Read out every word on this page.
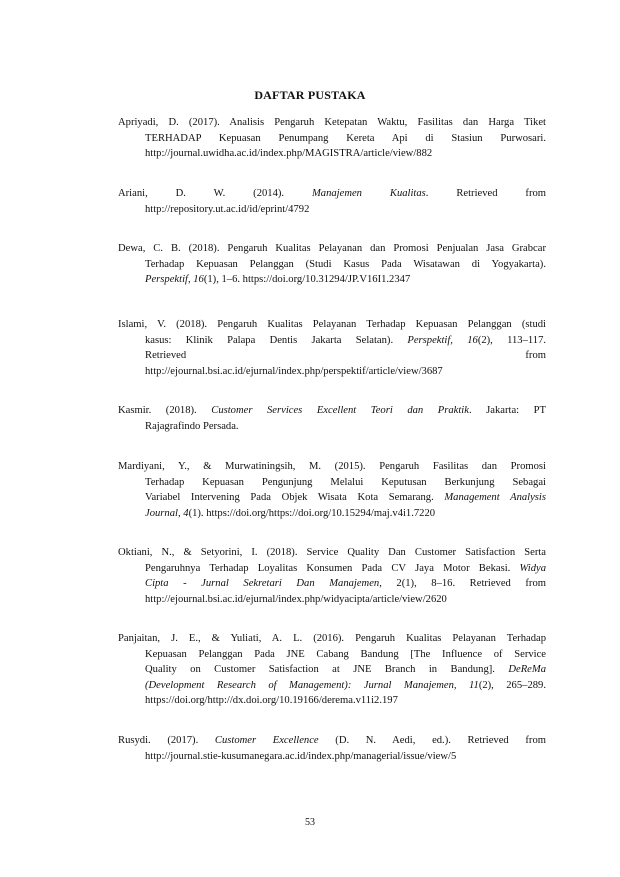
DAFTAR PUSTAKA
Apriyadi, D. (2017). Analisis Pengaruh Ketepatan Waktu, Fasilitas dan Harga Tiket
TERHADAP Kepuasan Penumpang Kereta Api di Stasiun Purwosari.
http://journal.uwidha.ac.id/index.php/MAGISTRA/article/view/882
Ariani, D. W. (2014). Manajemen Kualitas. Retrieved from
http://repository.ut.ac.id/id/eprint/4792
Dewa, C. B. (2018). Pengaruh Kualitas Pelayanan dan Promosi Penjualan Jasa Grabcar
Terhadap Kepuasan Pelanggan (Studi Kasus Pada Wisatawan di Yogyakarta).
Perspektif, 16(1), 1–6. https://doi.org/10.31294/JP.V16I1.2347
Islami, V. (2018). Pengaruh Kualitas Pelayanan Terhadap Kepuasan Pelanggan (studi
kasus: Klinik Palapa Dentis Jakarta Selatan). Perspektif, 16(2), 113–117.
Retrieved from
http://ejournal.bsi.ac.id/ejurnal/index.php/perspektif/article/view/3687
Kasmir. (2018). Customer Services Excellent Teori dan Praktik. Jakarta: PT
Rajagrafindo Persada.
Mardiyani, Y., & Murwatiningsih, M. (2015). Pengaruh Fasilitas dan Promosi
Terhadap Kepuasan Pengunjung Melalui Keputusan Berkunjung Sebagai
Variabel Intervening Pada Objek Wisata Kota Semarang. Management Analysis
Journal, 4(1). https://doi.org/https://doi.org/10.15294/maj.v4i1.7220
Oktiani, N., & Setyorini, I. (2018). Service Quality Dan Customer Satisfaction Serta
Pengaruhnya Terhadap Loyalitas Konsumen Pada CV Jaya Motor Bekasi. Widya
Cipta - Jurnal Sekretari Dan Manajemen, 2(1), 8–16. Retrieved from
http://ejournal.bsi.ac.id/ejurnal/index.php/widyacipta/article/view/2620
Panjaitan, J. E., & Yuliati, A. L. (2016). Pengaruh Kualitas Pelayanan Terhadap
Kepuasan Pelanggan Pada JNE Cabang Bandung [The Influence of Service
Quality on Customer Satisfaction at JNE Branch in Bandung]. DeReMa
(Development Research of Management): Jurnal Manajemen, 11(2), 265–289.
https://doi.org/http://dx.doi.org/10.19166/derema.v11i2.197
Rusydi. (2017). Customer Excellence (D. N. Aedi, ed.). Retrieved from
http://journal.stie-kusumanegara.ac.id/index.php/managerial/issue/view/5
53
